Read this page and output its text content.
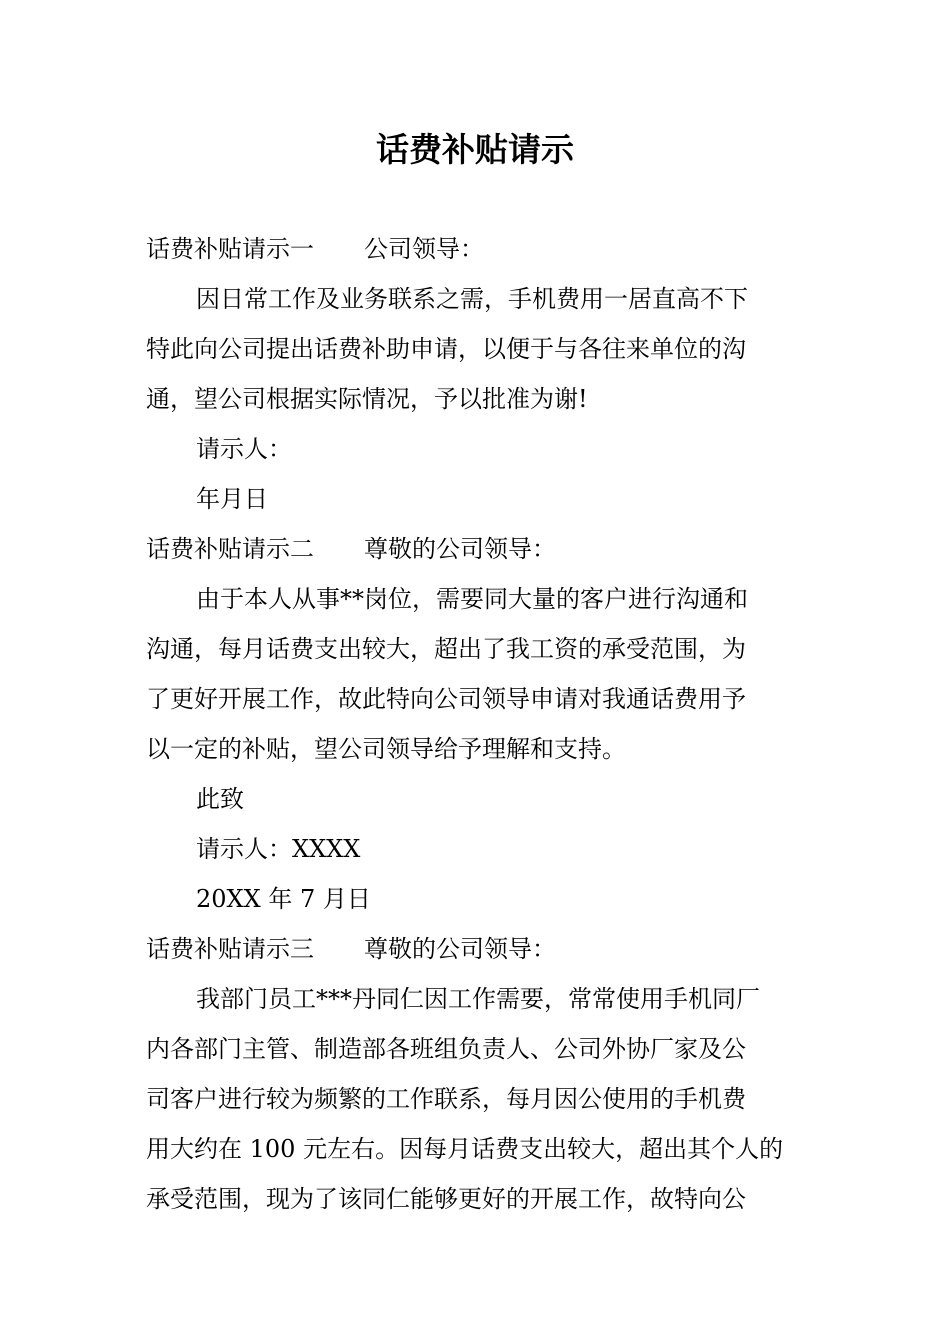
话费补贴请示
话费补贴请示一 公司领导：
因日常工作及业务联系之需，手机费用一居直高不下
特此向公司提出话费补助申请，以便于与各往来单位的沟
通，望公司根据实际情况，予以批准为谢!
请示人：
年月日
话费补贴请示二 尊敬的公司领导：
由于本人从事**岗位，需要同大量的客户进行沟通和
沟通，每月话费支出较大，超出了我工资的承受范围，为
了更好开展工作，故此特向公司领导申请对我通话费用予
以一定的补贴，望公司领导给予理解和支持。
此致
请示人：XXXX
20XX 年 7 月日
话费补贴请示三 尊敬的公司领导：
我部门员工***丹同仁因工作需要，常常使用手机同厂
内各部门主管、制造部各班组负责人、公司外协厂家及公
司客户进行较为频繁的工作联系，每月因公使用的手机费
用大约在 100 元左右。因每月话费支出较大，超出其个人的
承受范围，现为了该同仁能够更好的开展工作，故特向公
